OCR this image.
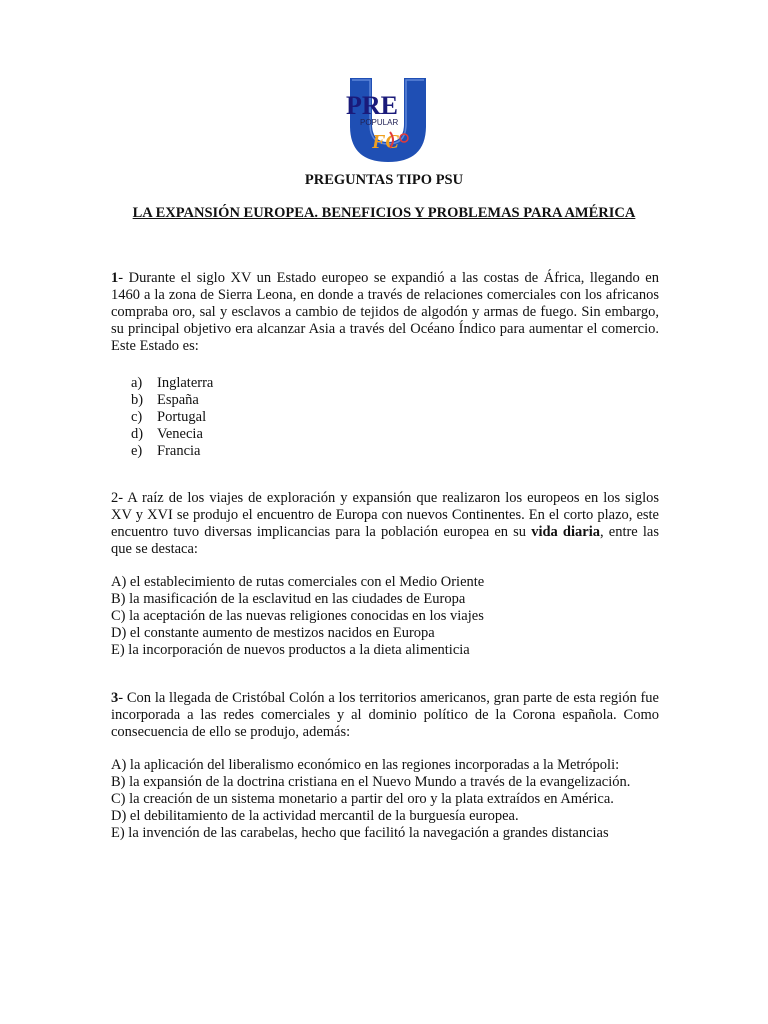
PRE
POPULAR
FC
PREGUNTAS TIPO PSU
LA EXPANSIÓN EUROPEA. BENEFICIOS Y PROBLEMAS PARA AMÉRICA

1- Durante el siglo XV un Estado europeo se expandió a las costas de África, llegando en 1460 a la zona de Sierra Leona, en donde a través de relaciones comerciales con los africanos compraba oro, sal y esclavos a cambio de tejidos de algodón y armas de fuego. Sin embargo, su principal objetivo era alcanzar Asia a través del Océano Índico para aumentar el comercio. Este Estado es:

a) Inglaterra
b) España
c) Portugal
d) Venecia
e) Francia

2- A raíz de los viajes de exploración y expansión que realizaron los europeos en los siglos XV y XVI se produjo el encuentro de Europa con nuevos Continentes. En el corto plazo, este encuentro tuvo diversas implicancias para la población europea en su vida diaria, entre las que se destaca:

A) el establecimiento de rutas comerciales con el Medio Oriente
B) la masificación de la esclavitud en las ciudades de Europa
C) la aceptación de las nuevas religiones conocidas en los viajes
D) el constante aumento de mestizos nacidos en Europa
E) la incorporación de nuevos productos a la dieta alimenticia

3- Con la llegada de Cristóbal Colón a los territorios americanos, gran parte de esta región fue incorporada a las redes comerciales y al dominio político de la Corona española. Como consecuencia de ello se produjo, además:

A) la aplicación del liberalismo económico en las regiones incorporadas a la Metrópoli:
B) la expansión de la doctrina cristiana en el Nuevo Mundo a través de la evangelización.
C) la creación de un sistema monetario a partir del oro y la plata extraídos en América.
D) el debilitamiento de la actividad mercantil de la burguesía europea.
E) la invención de las carabelas, hecho que facilitó la navegación a grandes distancias
